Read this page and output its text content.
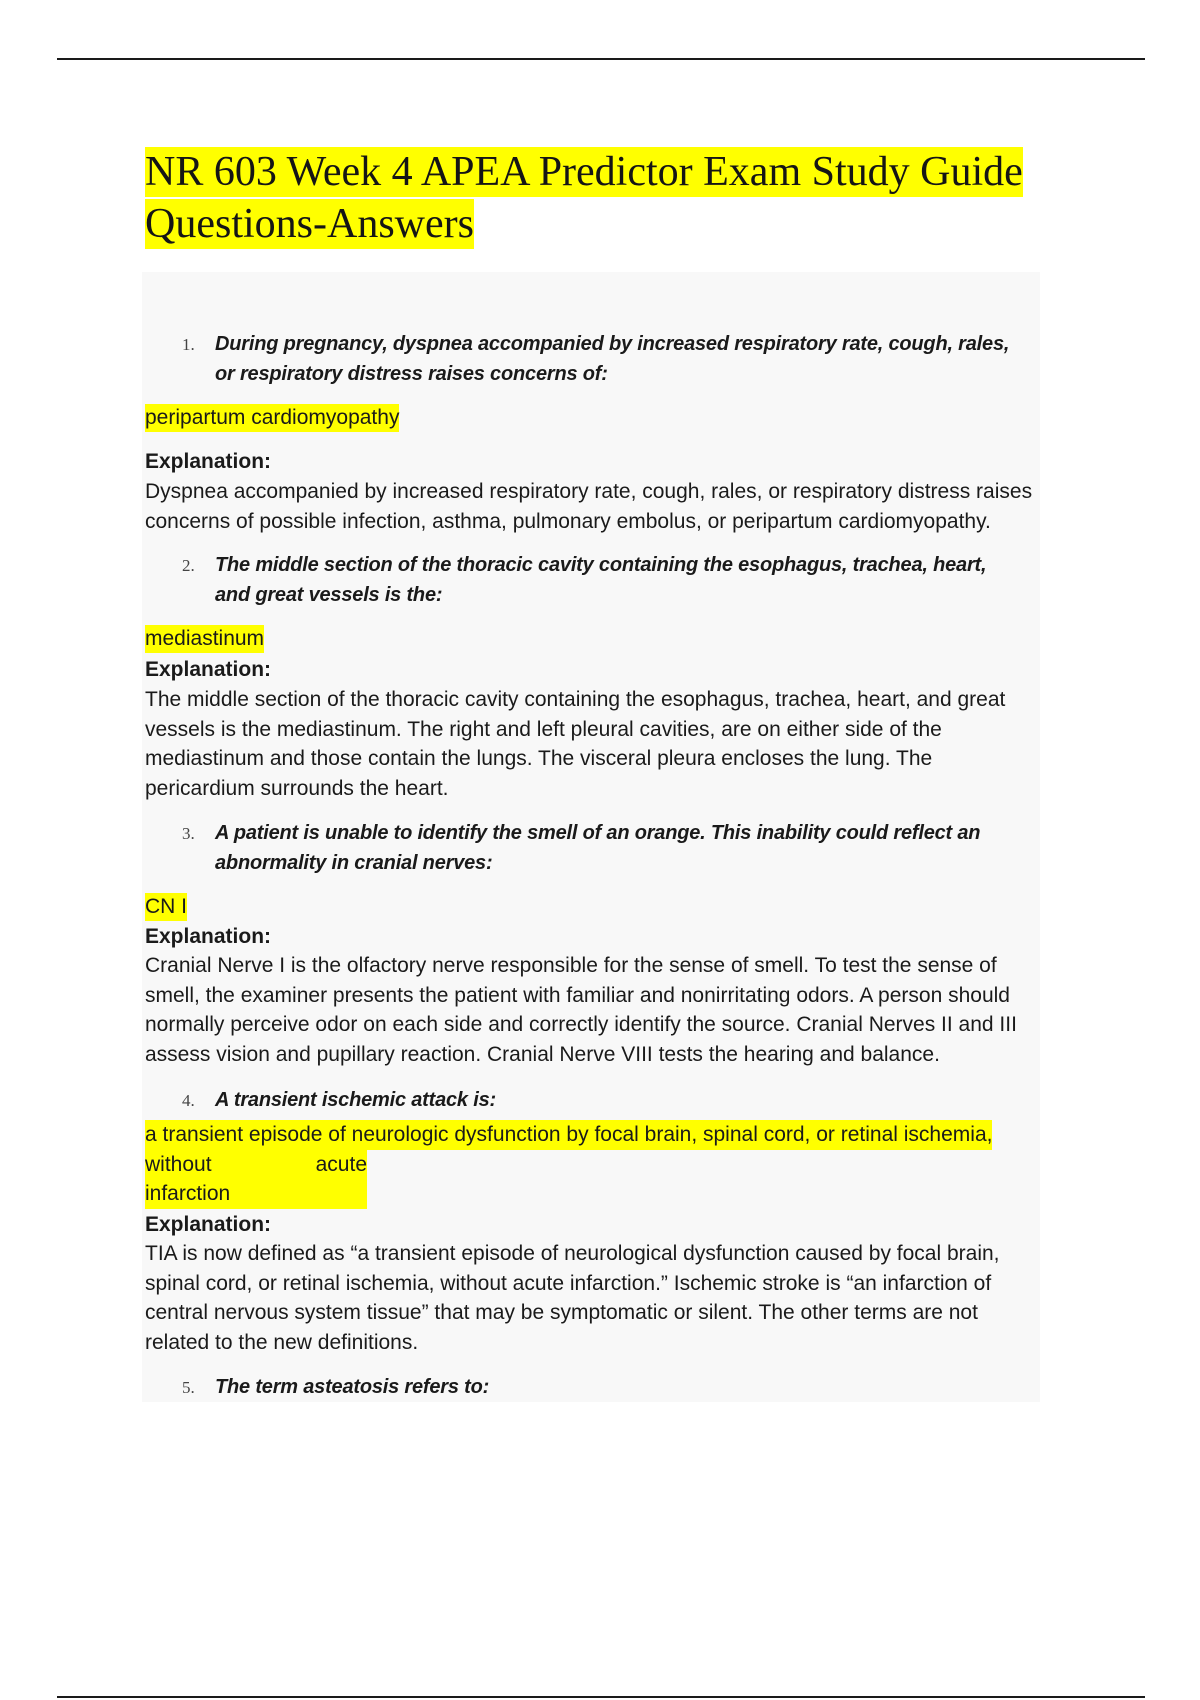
NR 603 Week 4 APEA Predictor Exam Study Guide
Questions-Answers
1. During pregnancy, dyspnea accompanied by increased respiratory rate, cough, rales,
or respiratory distress raises concerns of:
peripartum cardiomyopathy
Explanation:
Dyspnea accompanied by increased respiratory rate, cough, rales, or respiratory distress raises
concerns of possible infection, asthma, pulmonary embolus, or peripartum cardiomyopathy.
2. The middle section of the thoracic cavity containing the esophagus, trachea, heart,
and great vessels is the:
mediastinum
Explanation:
The middle section of the thoracic cavity containing the esophagus, trachea, heart, and great
vessels is the mediastinum. The right and left pleural cavities, are on either side of the
mediastinum and those contain the lungs. The visceral pleura encloses the lung. The
pericardium surrounds the heart.
3. A patient is unable to identify the smell of an orange. This inability could reflect an
abnormality in cranial nerves:
CN I
Explanation:
Cranial Nerve I is the olfactory nerve responsible for the sense of smell. To test the sense of
smell, the examiner presents the patient with familiar and nonirritating odors. A person should
normally perceive odor on each side and correctly identify the source. Cranial Nerves II and III
assess vision and pupillary reaction. Cranial Nerve VIII tests the hearing and balance.
4. A transient ischemic attack is:
a transient episode of neurologic dysfunction by focal brain, spinal cord, or retinal ischemia,
without	acute
infarction
Explanation:
TIA is now defined as “a transient episode of neurological dysfunction caused by focal brain,
spinal cord, or retinal ischemia, without acute infarction.” Ischemic stroke is “an infarction of
central nervous system tissue” that may be symptomatic or silent. The other terms are not
related to the new definitions.
5. The term asteatosis refers to:
